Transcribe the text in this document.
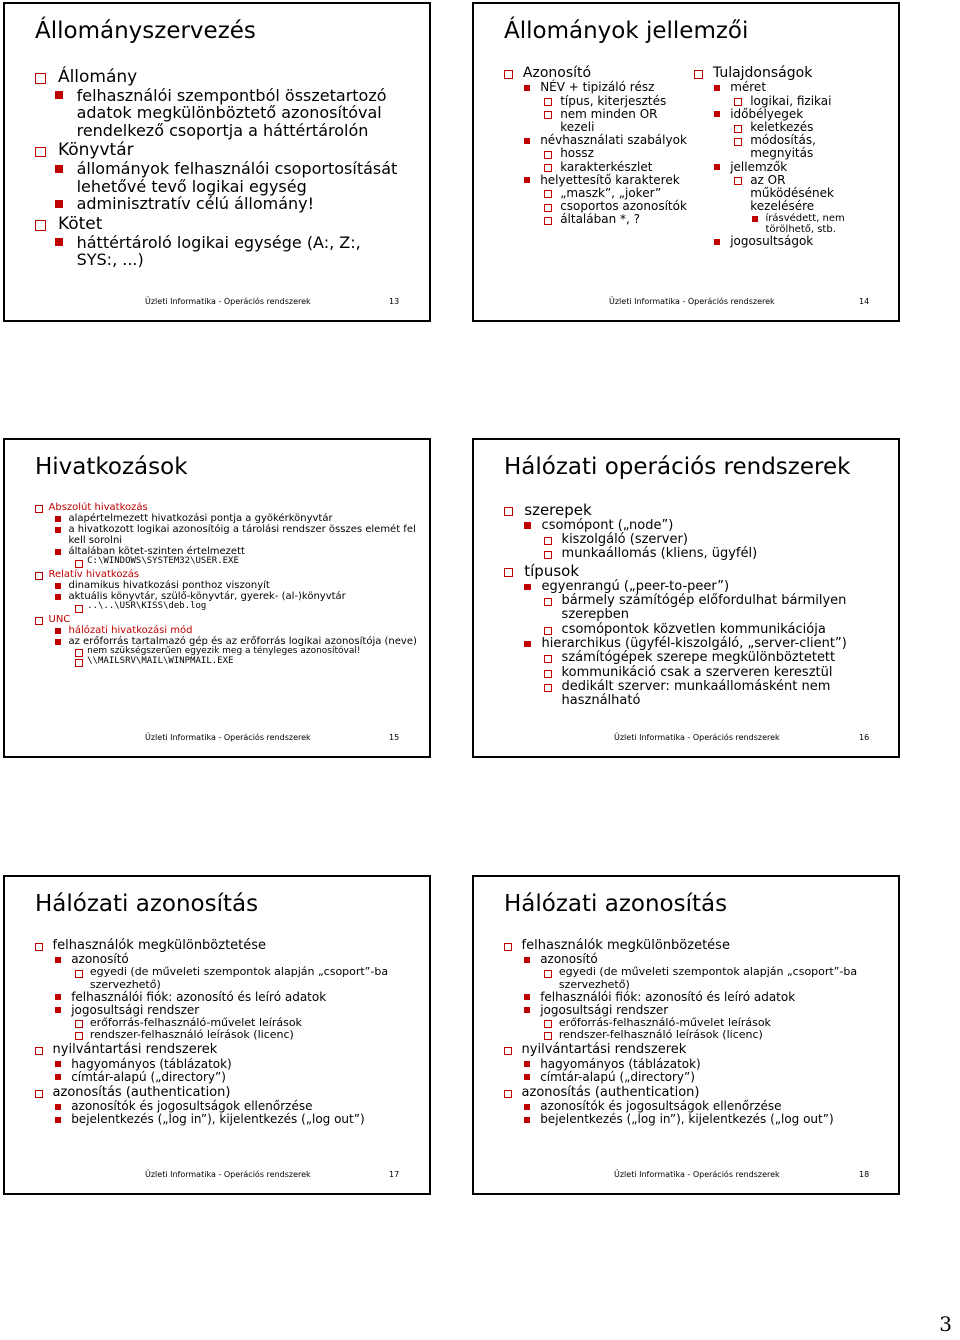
Állományszervezés
Állomány
felhasználói szempontból összetartozó adatok megkülönböztető azonosítóval rendelkező csoportja a háttértárolón
Könyvtár
állományok felhasználói csoportosítását lehetővé tevő logikai egység
adminisztratív célú állomány!
Kötet
háttértároló logikai egysége (A:, Z:, SYS:, ...)
Üzleti Informatika - Operációs rendszerek	13
Állományok jellemzői
Azonosító
NÉV + tipizáló rész
típus, kiterjesztés
nem minden OR kezeli
névhasználati szabályok
hossz
karakterkészlet
helyettesítő karakterek
„maszk”, „joker”
csoportos azonosítók
általában *, ?
Tulajdonságok
méret
logikai, fizikai
időbélyegek
keletkezés
módosítás, megnyitás
jellemzők
az OR működésének kezelésére
írásvédett, nem törölhető, stb.
jogosultságok
Üzleti Informatika - Operációs rendszerek	14
Hivatkozások
Abszolút hivatkozás
alapértelmezett hivatkozási pontja a gyökérkönyvtár
a hivatkozott logikai azonosítóig a tárolási rendszer összes elemét fel kell sorolni
általában kötet-szinten értelmezett
C:\WINDOWS\SYSTEM32\USER.EXE
Relatív hivatkozás
dinamikus hivatkozási ponthoz viszonyít
aktuális könyvtár, szülő-könyvtár, gyerek- (al-)könyvtár
..\..\USR\KISS\deb.log
UNC
hálózati hivatkozási mód
az erőforrás tartalmazó gép és az erőforrás logikai azonosítója (neve)
nem szükségszerűen egyezik meg a tényleges azonosítóval!
\\MAILSRV\MAIL\WINPMAIL.EXE
Üzleti Informatika - Operációs rendszerek	15
Hálózati operációs rendszerek
szerepek
csomópont („node”)
kiszolgáló (szerver)
munkaállomás (kliens, ügyfél)
típusok
egyenrangú („peer-to-peer”)
bármely számítógép előfordulhat bármilyen szerepben
csomópontok közvetlen kommunikációja
hierarchikus (ügyfél-kiszolgáló, „server-client”)
számítógépek szerepe megkülönböztetett
kommunikáció csak a szerveren keresztül
dedikált szerver: munkaállomásként nem használható
Üzleti Informatika - Operációs rendszerek	16
Hálózati azonosítás
felhasználók megkülönböztetése
azonosító
egyedi (de műveleti szempontok alapján „csoport”-ba szervezhető)
felhasználói fiók: azonosító és leíró adatok
jogosultsági rendszer
erőforrás-felhasználó-művelet leírások
rendszer-felhasználó leírások (licenc)
nyilvántartási rendszerek
hagyományos (táblázatok)
címtár-alapú („directory”)
azonosítás (authentication)
azonosítók és jogosultságok ellenőrzése
bejelentkezés („log in”), kijelentkezés („log out”)
Üzleti Informatika - Operációs rendszerek	17
Hálózati azonosítás
felhasználók megkülönbözetése
azonosító
egyedi (de műveleti szempontok alapján „csoport”-ba szervezhető)
felhasználói fiók: azonosító és leíró adatok
jogosultsági rendszer
erőforrás-felhasználó-művelet leírások
rendszer-felhasználó leírások (licenc)
nyilvántartási rendszerek
hagyományos (táblázatok)
címtár-alapú („directory”)
azonosítás (authentication)
azonosítók és jogosultságok ellenőrzése
bejelentkezés („log in”), kijelentkezés („log out”)
Üzleti Informatika - Operációs rendszerek	18
3
